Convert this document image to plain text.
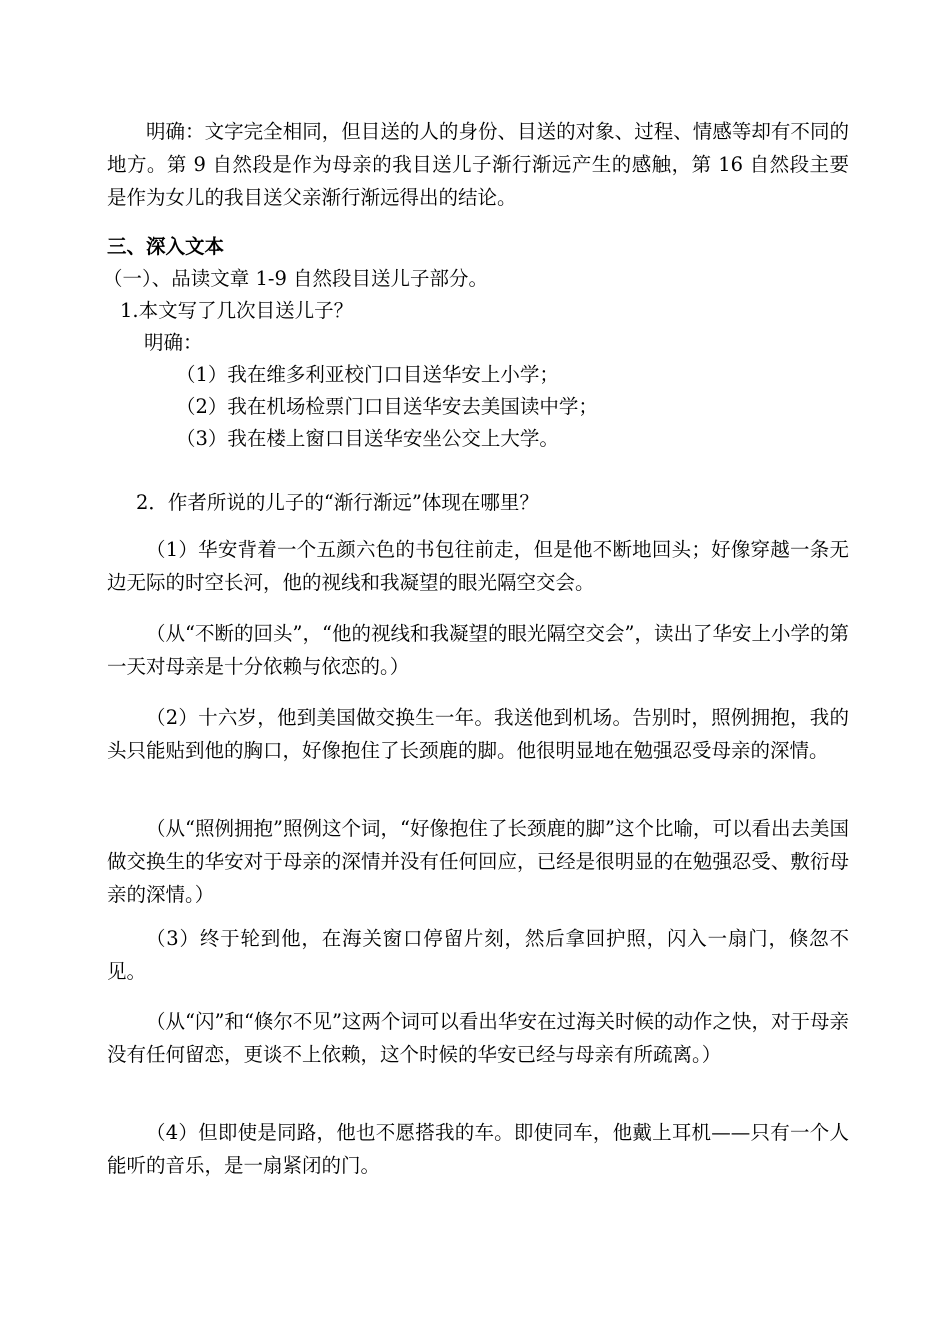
明确：文字完全相同，但目送的人的身份、目送的对象、过程、情感等却有不同的地方。第 9 自然段是作为母亲的我目送儿子渐行渐远产生的感触，第 16 自然段主要是作为女儿的我目送父亲渐行渐远得出的结论。

三、深入文本
（一）、品读文章 1-9 自然段目送儿子部分。
1.本文写了几次目送儿子？
明确：
（1）我在维多利亚校门口目送华安上小学；
（2）我在机场检票门口目送华安去美国读中学；
（3）我在楼上窗口目送华安坐公交上大学。
2．作者所说的儿子的“渐行渐远”体现在哪里？

（1）华安背着一个五颜六色的书包往前走，但是他不断地回头；好像穿越一条无边无际的时空长河，他的视线和我凝望的眼光隔空交会。

（从“不断的回头”，“他的视线和我凝望的眼光隔空交会”，读出了华安上小学的第一天对母亲是十分依赖与依恋的。）

（2）十六岁，他到美国做交换生一年。我送他到机场。告别时，照例拥抱，我的头只能贴到他的胸口，好像抱住了长颈鹿的脚。他很明显地在勉强忍受母亲的深情。

（从“照例拥抱”照例这个词，“好像抱住了长颈鹿的脚”这个比喻，可以看出去美国做交换生的华安对于母亲的深情并没有任何回应，已经是很明显的在勉强忍受、敷衍母亲的深情。）

（3）终于轮到他，在海关窗口停留片刻，然后拿回护照，闪入一扇门，倏忽不见。

（从“闪”和“倏尔不见”这两个词可以看出华安在过海关时候的动作之快，对于母亲没有任何留恋，更谈不上依赖，这个时候的华安已经与母亲有所疏离。）

（4）但即使是同路，他也不愿搭我的车。即使同车，他戴上耳机——只有一个人能听的音乐，是一扇紧闭的门。
